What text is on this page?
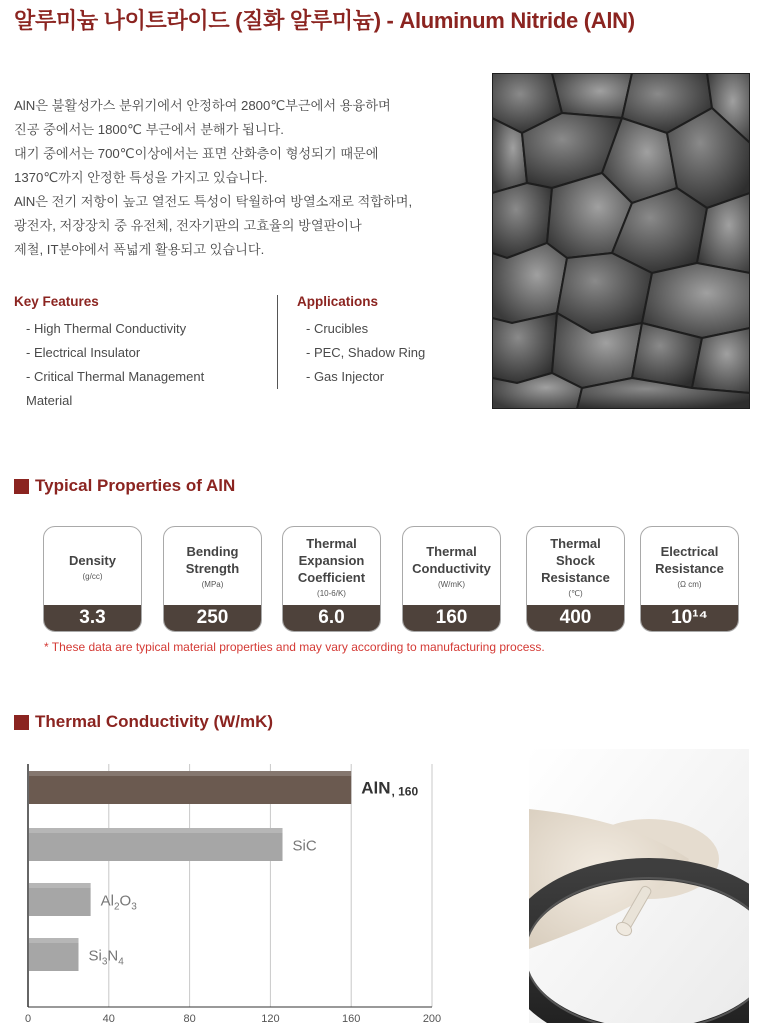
알루미늄 나이트라이드 (질화 알루미늄) - Aluminum Nitride (AlN)
AlN은 불활성가스 분위기에서 안정하여 2800℃부근에서 용융하며
진공 중에서는 1800℃ 부근에서 분해가 됩니다.
대기 중에서는 700℃이상에서는 표면 산화층이 형성되기 때문에
1370℃까지 안정한 특성을 가지고 있습니다.
AlN은 전기 저항이 높고 열전도 특성이 탁월하여 방열소재로 적합하며,
광전자, 저장장치 중 유전체, 전자기판의 고효율의 방열판이나
제철, IT분야에서 폭넓게 활용되고 있습니다.
Key Features
- High Thermal Conductivity
- Electrical Insulator
- Critical Thermal Management
Material
Applications
- Crucibles
- PEC, Shadow Ring
- Gas Injector
Typical Properties of AlN
Density
(g/cc)
3.3
Bending
Strength
(MPa)
250
Thermal
Expansion
Coefficient
(10-6/K)
6.0
Thermal
Conductivity
(W/mK)
160
Thermal
Shock
Resistance
(℃)
400
Electrical
Resistance
(Ω cm)
10¹⁴
* These data are typical material properties and may vary according to manufacturing process.
Thermal Conductivity (W/mK)
0	40	80	120	160	200
AlN, 160
SiC
$Al_2O_3$
$Si_3N_4$
